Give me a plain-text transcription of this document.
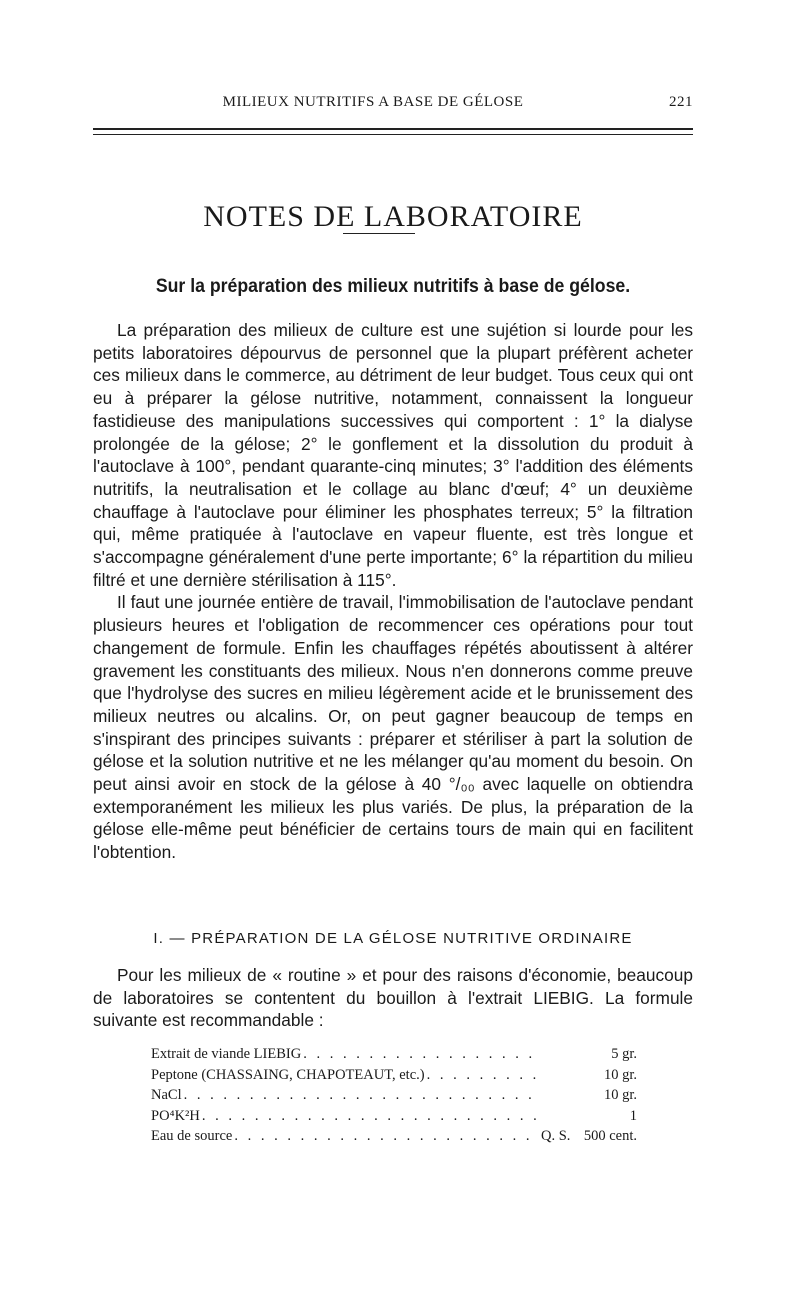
MILIEUX NUTRITIFS A BASE DE GÉLOSE	221
NOTES DE LABORATOIRE
Sur la préparation des milieux nutritifs à base de gélose.

La préparation des milieux de culture est une sujétion si lourde pour les petits laboratoires dépourvus de personnel que la plupart préfèrent acheter ces milieux dans le commerce, au détriment de leur budget. Tous ceux qui ont eu à préparer la gélose nutritive, notamment, connaissent la longueur fastidieuse des manipulations successives qui comportent : 1° la dialyse prolongée de la gélose; 2° le gonflement et la dissolution du produit à l'autoclave à 100°, pendant quarante-cinq minutes; 3° l'addition des éléments nutritifs, la neutralisation et le collage au blanc d'œuf; 4° un deuxième chauffage à l'autoclave pour éliminer les phosphates terreux; 5° la filtration qui, même pratiquée à l'autoclave en vapeur fluente, est très longue et s'accompagne généralement d'une perte importante; 6° la répartition du milieu filtré et une dernière stérilisation à 115°.

Il faut une journée entière de travail, l'immobilisation de l'autoclave pendant plusieurs heures et l'obligation de recommencer ces opérations pour tout changement de formule. Enfin les chauffages répétés aboutissent à altérer gravement les constituants des milieux. Nous n'en donnerons comme preuve que l'hydrolyse des sucres en milieu légèrement acide et le brunissement des milieux neutres ou alcalins. Or, on peut gagner beaucoup de temps en s'inspirant des principes suivants : préparer et stériliser à part la solution de gélose et la solution nutritive et ne les mélanger qu'au moment du besoin. On peut ainsi avoir en stock de la gélose à 40 °/₀₀ avec laquelle on obtiendra extemporanément les milieux les plus variés. De plus, la préparation de la gélose elle-même peut bénéficier de certains tours de main qui en facilitent l'obtention.

I. — PRÉPARATION DE LA GÉLOSE NUTRITIVE ORDINAIRE

Pour les milieux de « routine » et pour des raisons d'économie, beaucoup de laboratoires se contentent du bouillon à l'extrait LIEBIG. La formule suivante est recommandable :

Extrait de viande LIEBIG . . .	5 gr.
Peptone (CHASSAING, CHAPOTEAUT, etc.) . . .	10 gr.
NaCl . . .	10 gr.
PO⁴K²H . . .	1
Eau de source . . .	Q. S. 500 cent.
